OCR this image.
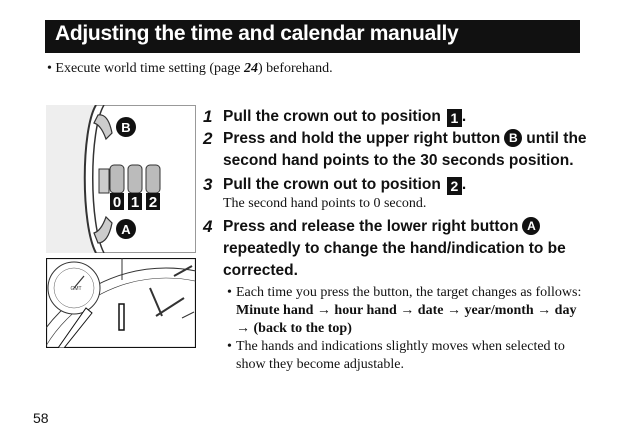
Adjusting the time and calendar manually
• Execute world time setting (page 24) beforehand.
0 1 2
B
A
GMT
1 Pull the crown out to position 1 .
2 Press and hold the upper right button B until the second hand points to the 30 seconds position.
3 Pull the crown out to position 2 .
The second hand points to 0 second.
4 Press and release the lower right button Arepeatedly to change the hand/indication to be corrected.
• Each time you press the button, the target changes as follows:
Minute hand → hour hand → date → year/month → day → (back to the top)
• The hands and indications slightly moves when selected to show they become adjustable.
58
